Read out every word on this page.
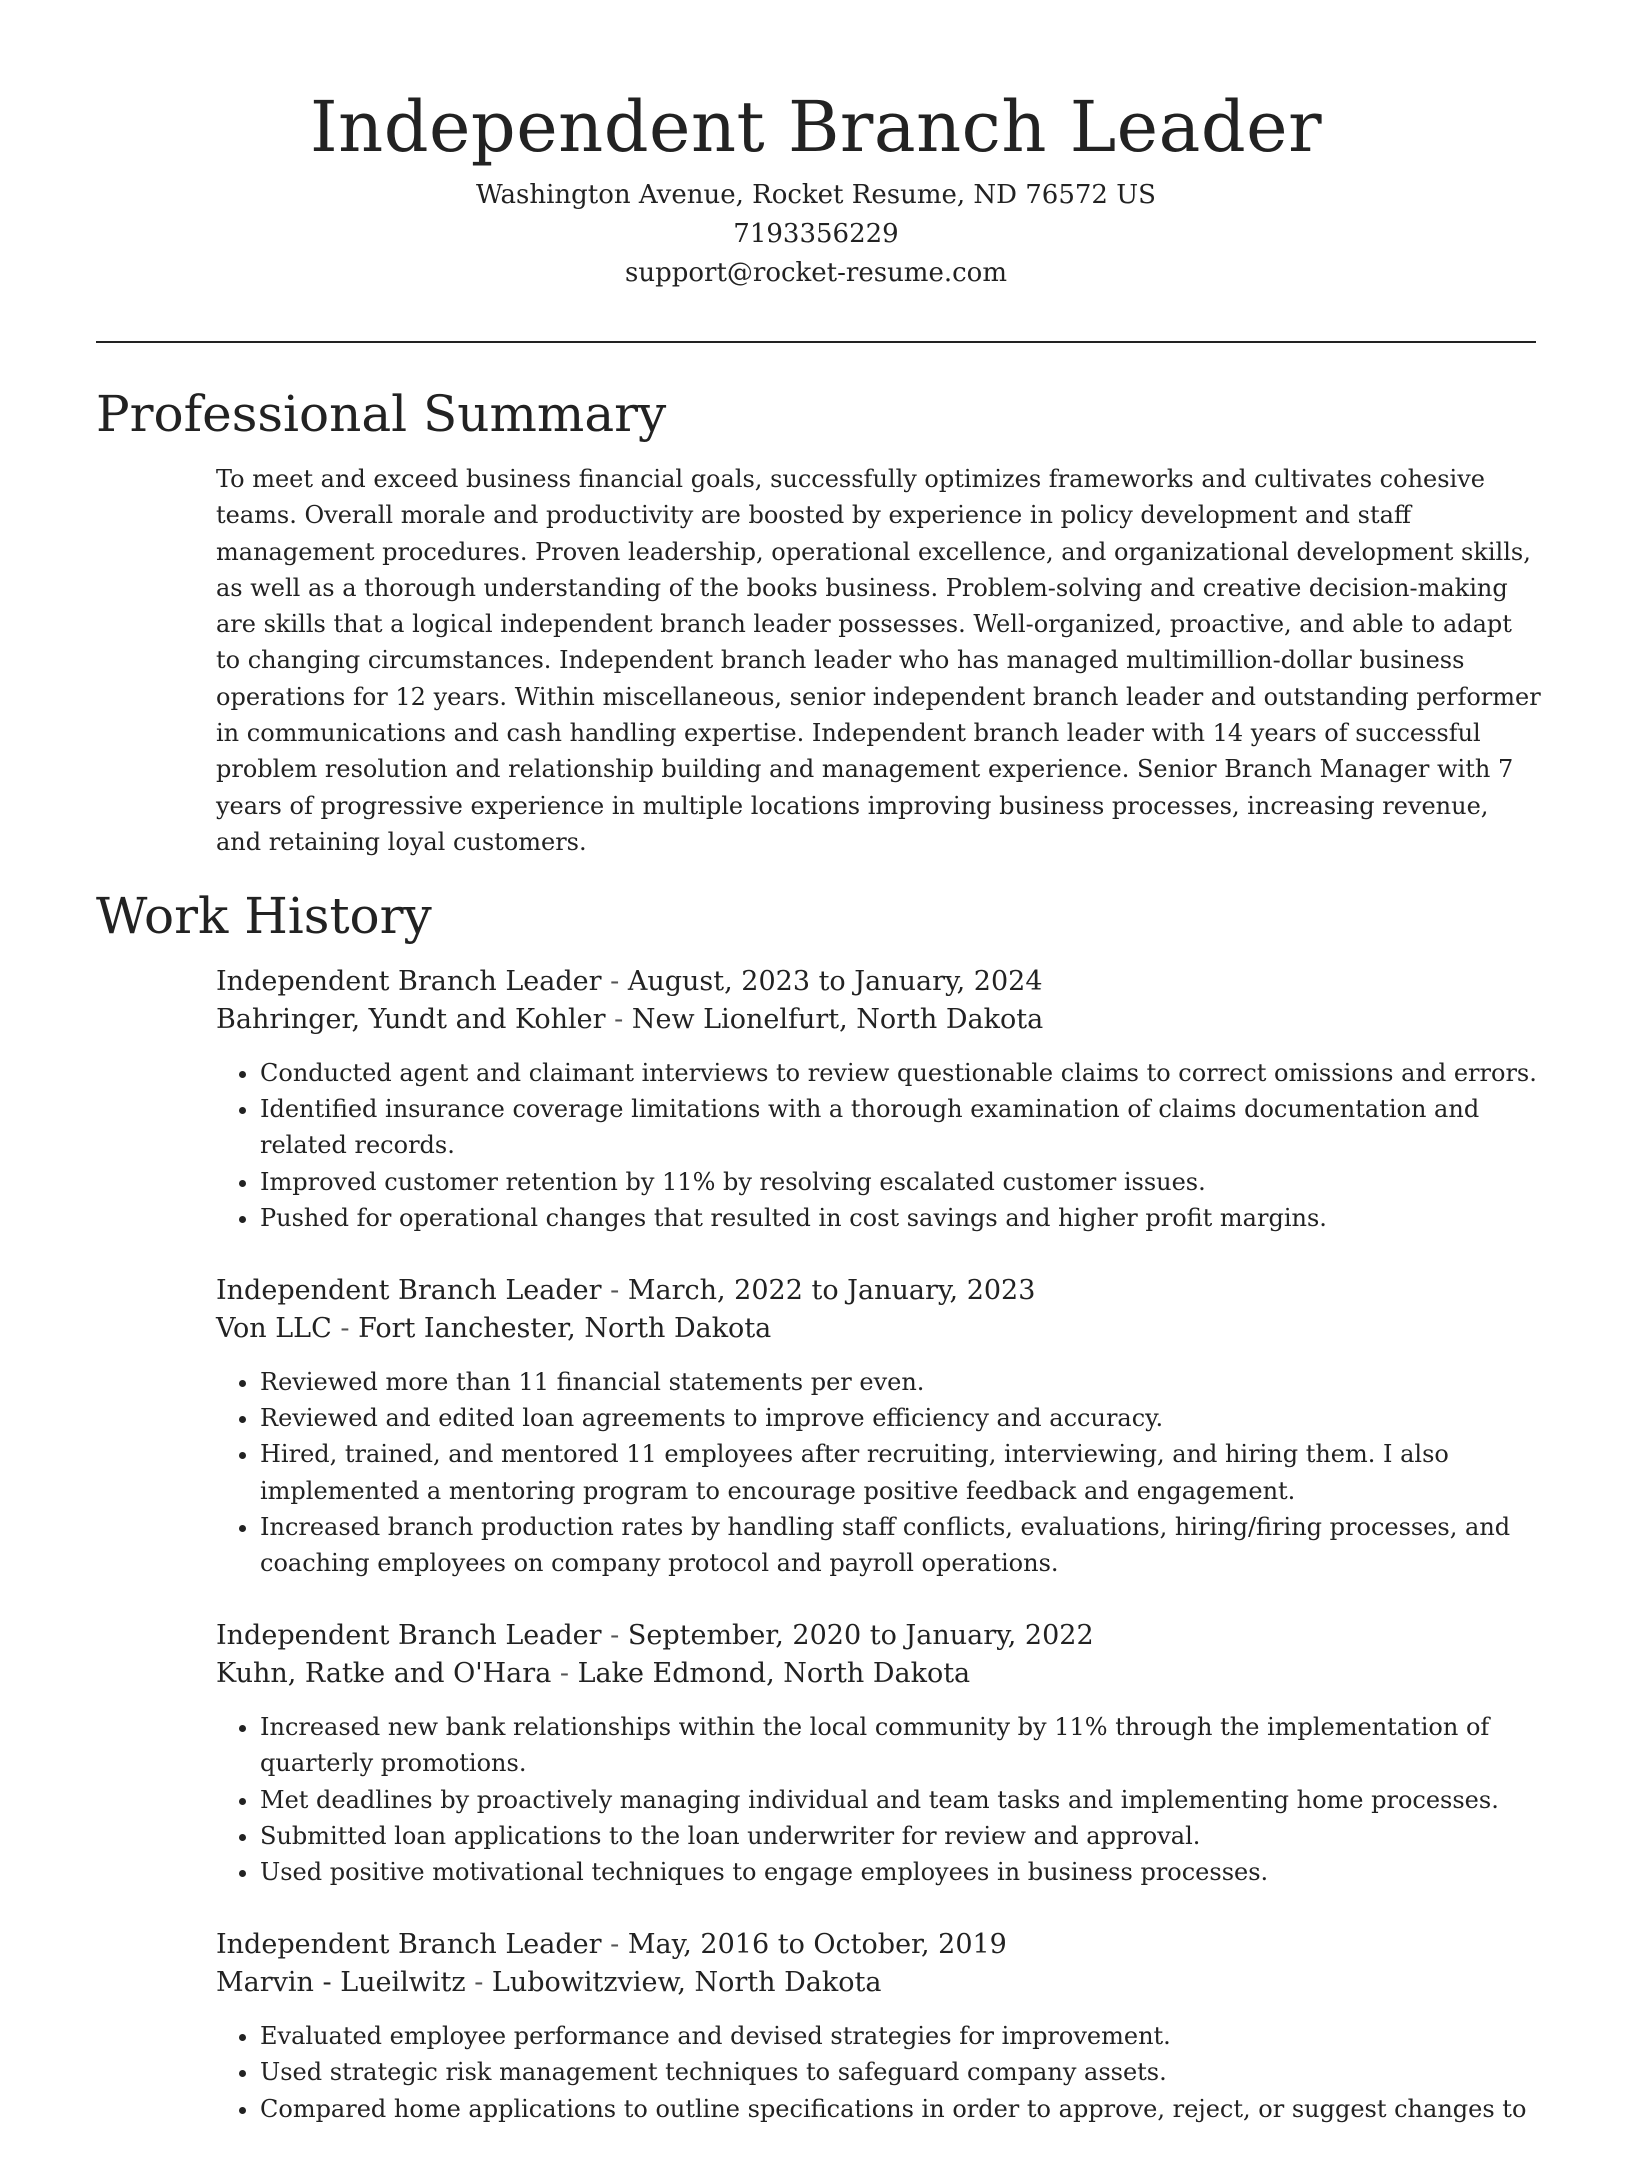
Independent Branch Leader
Washington Avenue, Rocket Resume, ND 76572 US
7193356229
support@rocket-resume.com
Professional Summary

To meet and exceed business financial goals, successfully optimizes frameworks and cultivates cohesive teams. Overall morale and productivity are boosted by experience in policy development and staff management procedures. Proven leadership, operational excellence, and organizational development skills, as well as a thorough understanding of the books business. Problem-solving and creative decision-making are skills that a logical independent branch leader possesses. Well-organized, proactive, and able to adapt to changing circumstances. Independent branch leader who has managed multimillion-dollar business operations for 12 years. Within miscellaneous, senior independent branch leader and outstanding performer in communications and cash handling expertise. Independent branch leader with 14 years of successful problem resolution and relationship building and management experience. Senior Branch Manager with 7 years of progressive experience in multiple locations improving business processes, increasing revenue, and retaining loyal customers.

Work History
Independent Branch Leader - August, 2023 to January, 2024
Bahringer, Yundt and Kohler - New Lionelfurt, North Dakota
• Conducted agent and claimant interviews to review questionable claims to correct omissions and errors.
• Identified insurance coverage limitations with a thorough examination of claims documentation and related records.
• Improved customer retention by 11% by resolving escalated customer issues.
• Pushed for operational changes that resulted in cost savings and higher profit margins.
Independent Branch Leader - March, 2022 to January, 2023
Von LLC - Fort Ianchester, North Dakota
• Reviewed more than 11 financial statements per even.
• Reviewed and edited loan agreements to improve efficiency and accuracy.
• Hired, trained, and mentored 11 employees after recruiting, interviewing, and hiring them. I also implemented a mentoring program to encourage positive feedback and engagement.
• Increased branch production rates by handling staff conflicts, evaluations, hiring/firing processes, and coaching employees on company protocol and payroll operations.
Independent Branch Leader - September, 2020 to January, 2022
Kuhn, Ratke and O'Hara - Lake Edmond, North Dakota
• Increased new bank relationships within the local community by 11% through the implementation of quarterly promotions.
• Met deadlines by proactively managing individual and team tasks and implementing home processes.
• Submitted loan applications to the loan underwriter for review and approval.
• Used positive motivational techniques to engage employees in business processes.
Independent Branch Leader - May, 2016 to October, 2019
Marvin - Lueilwitz - Lubowitzview, North Dakota
• Evaluated employee performance and devised strategies for improvement.
• Used strategic risk management techniques to safeguard company assets.
• Compared home applications to outline specifications in order to approve, reject, or suggest changes to
